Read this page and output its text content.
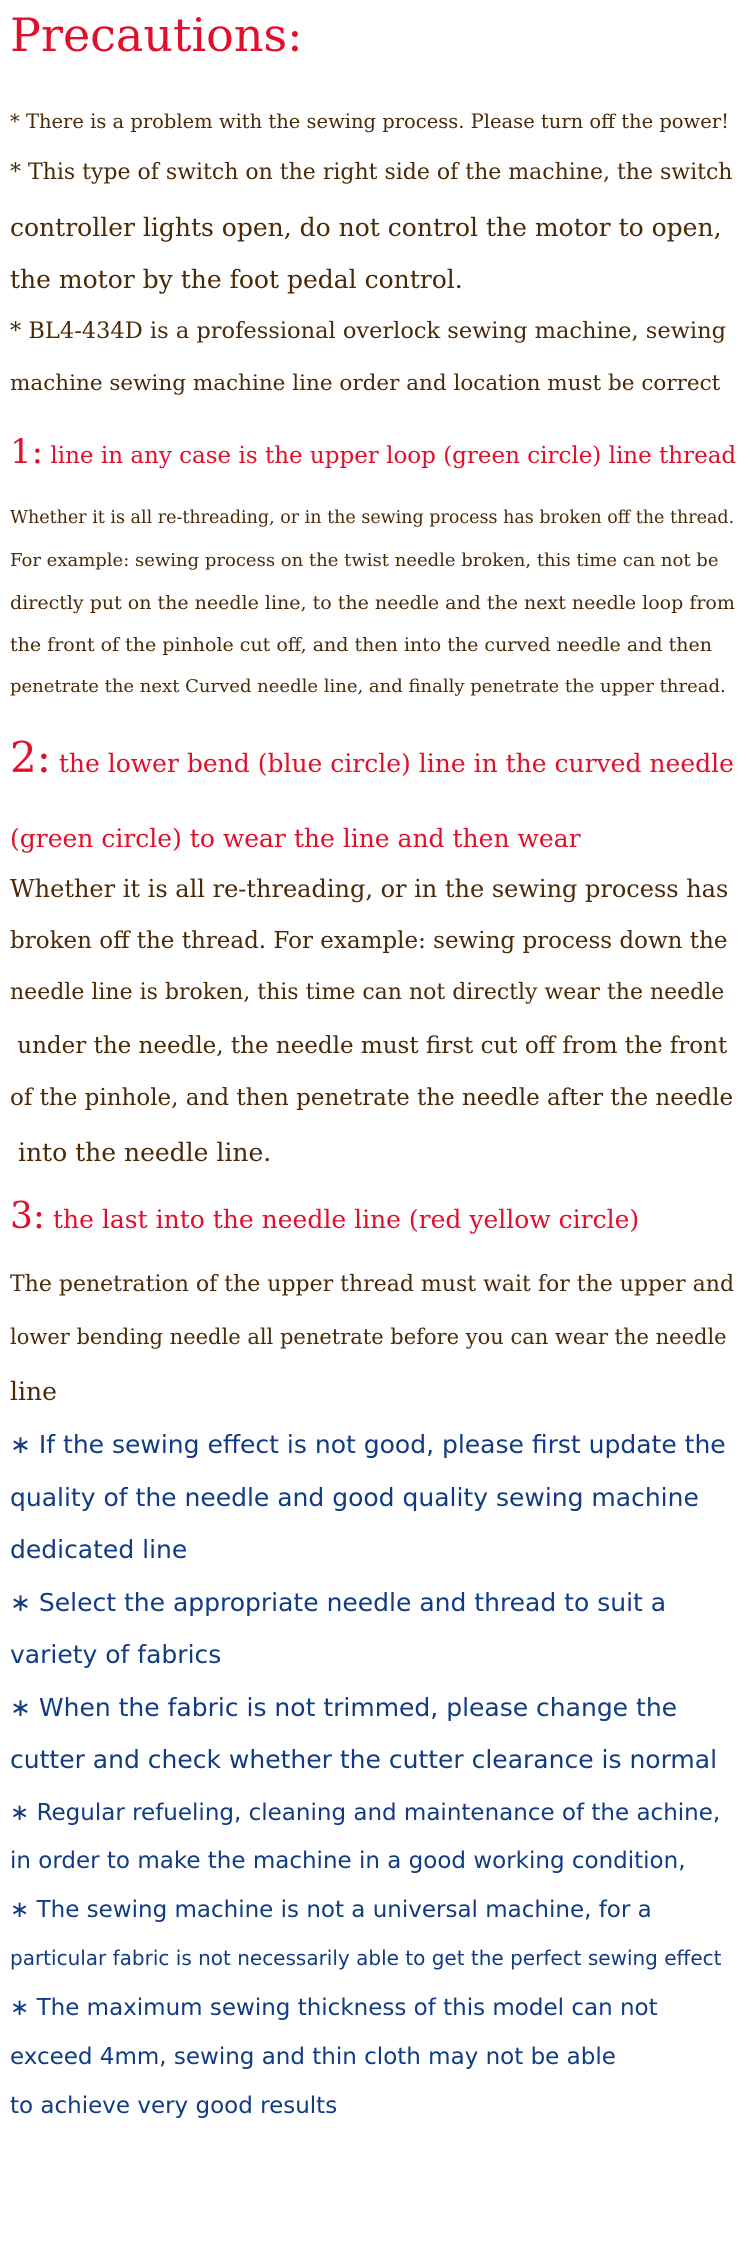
Precautions:

* There is a problem with the sewing process. Please turn off the power!

* This type of switch on the right side of the machine, the switch

controller lights open, do not control the motor to open,

the motor by the foot pedal control.

* BL4-434D is a professional overlock sewing machine, sewing

machine sewing machine line order and location must be correct

1: line in any case is the upper loop (green circle) line thread

Whether it is all re-threading, or in the sewing process has broken off the thread.

For example: sewing process on the twist needle broken, this time can not be

directly put on the needle line, to the needle and the next needle loop from

the front of the pinhole cut off, and then into the curved needle and then

penetrate the next Curved needle line, and finally penetrate the upper thread.

2: the lower bend (blue circle) line in the curved needle

(green circle) to wear the line and then wear

Whether it is all re-threading, or in the sewing process has

broken off the thread. For example: sewing process down the

needle line is broken, this time can not directly wear the needle

under the needle, the needle must first cut off from the front

of the pinhole, and then penetrate the needle after the needle

into the needle line.

3: the last into the needle line (red yellow circle)

The penetration of the upper thread must wait for the upper and

lower bending needle all penetrate before you can wear the needle

line

∗ If the sewing effect is not good, please first update the

quality of the needle and good quality sewing machine

dedicated line

∗ Select the appropriate needle and thread to suit a

variety of fabrics

∗ When the fabric is not trimmed, please change the

cutter and check whether the cutter clearance is normal

∗ Regular refueling, cleaning and maintenance of the achine,

in order to make the machine in a good working condition,

∗ The sewing machine is not a universal machine, for a

particular fabric is not necessarily able to get the perfect sewing effect

∗ The maximum sewing thickness of this model can not

exceed 4mm, sewing and thin cloth may not be able

to achieve very good results
